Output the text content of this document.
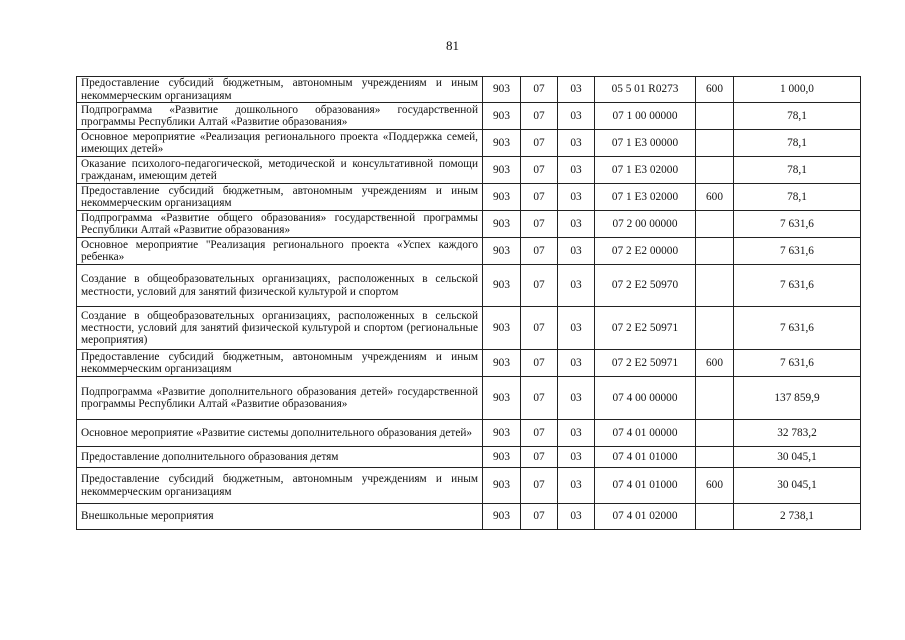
81
Предоставление субсидий бюджетным, автономным учреждениям и иным некоммерческим организациям	903	07	03	05 5 01 R0273	600	1 000,0
Подпрограмма «Развитие дошкольного образования» государственной программы Республики Алтай «Развитие образования»	903	07	03	07 1 00 00000		78,1
Основное мероприятие «Реализация регионального проекта «Поддержка семей, имеющих детей»	903	07	03	07 1 E3 00000		78,1
Оказание психолого-педагогической, методической и консультативной помощи гражданам, имеющим детей	903	07	03	07 1 E3 02000		78,1
Предоставление субсидий бюджетным, автономным учреждениям и иным некоммерческим организациям	903	07	03	07 1 E3 02000	600	78,1
Подпрограмма «Развитие общего образования» государственной программы Республики Алтай «Развитие образования»	903	07	03	07 2 00 00000		7 631,6
Основное мероприятие "Реализация регионального проекта «Успех каждого ребенка»	903	07	03	07 2 E2 00000		7 631,6
Создание в общеобразовательных организациях, расположенных в сельской местности, условий для занятий физической культурой и спортом	903	07	03	07 2 E2 50970		7 631,6
Создание в общеобразовательных организациях, расположенных в сельской местности, условий для занятий физической культурой и спортом (региональные мероприятия)	903	07	03	07 2 E2 50971		7 631,6
Предоставление субсидий бюджетным, автономным учреждениям и иным некоммерческим организациям	903	07	03	07 2 E2 50971	600	7 631,6
Подпрограмма «Развитие дополнительного образования детей» государственной программы Республики Алтай «Развитие образования»	903	07	03	07 4 00 00000		137 859,9
Основное мероприятие «Развитие системы дополнительного образования детей»	903	07	03	07 4 01 00000		32 783,2
Предоставление дополнительного образования детям	903	07	03	07 4 01 01000		30 045,1
Предоставление субсидий бюджетным, автономным учреждениям и иным некоммерческим организациям	903	07	03	07 4 01 01000	600	30 045,1
Внешкольные мероприятия	903	07	03	07 4 01 02000		2 738,1
